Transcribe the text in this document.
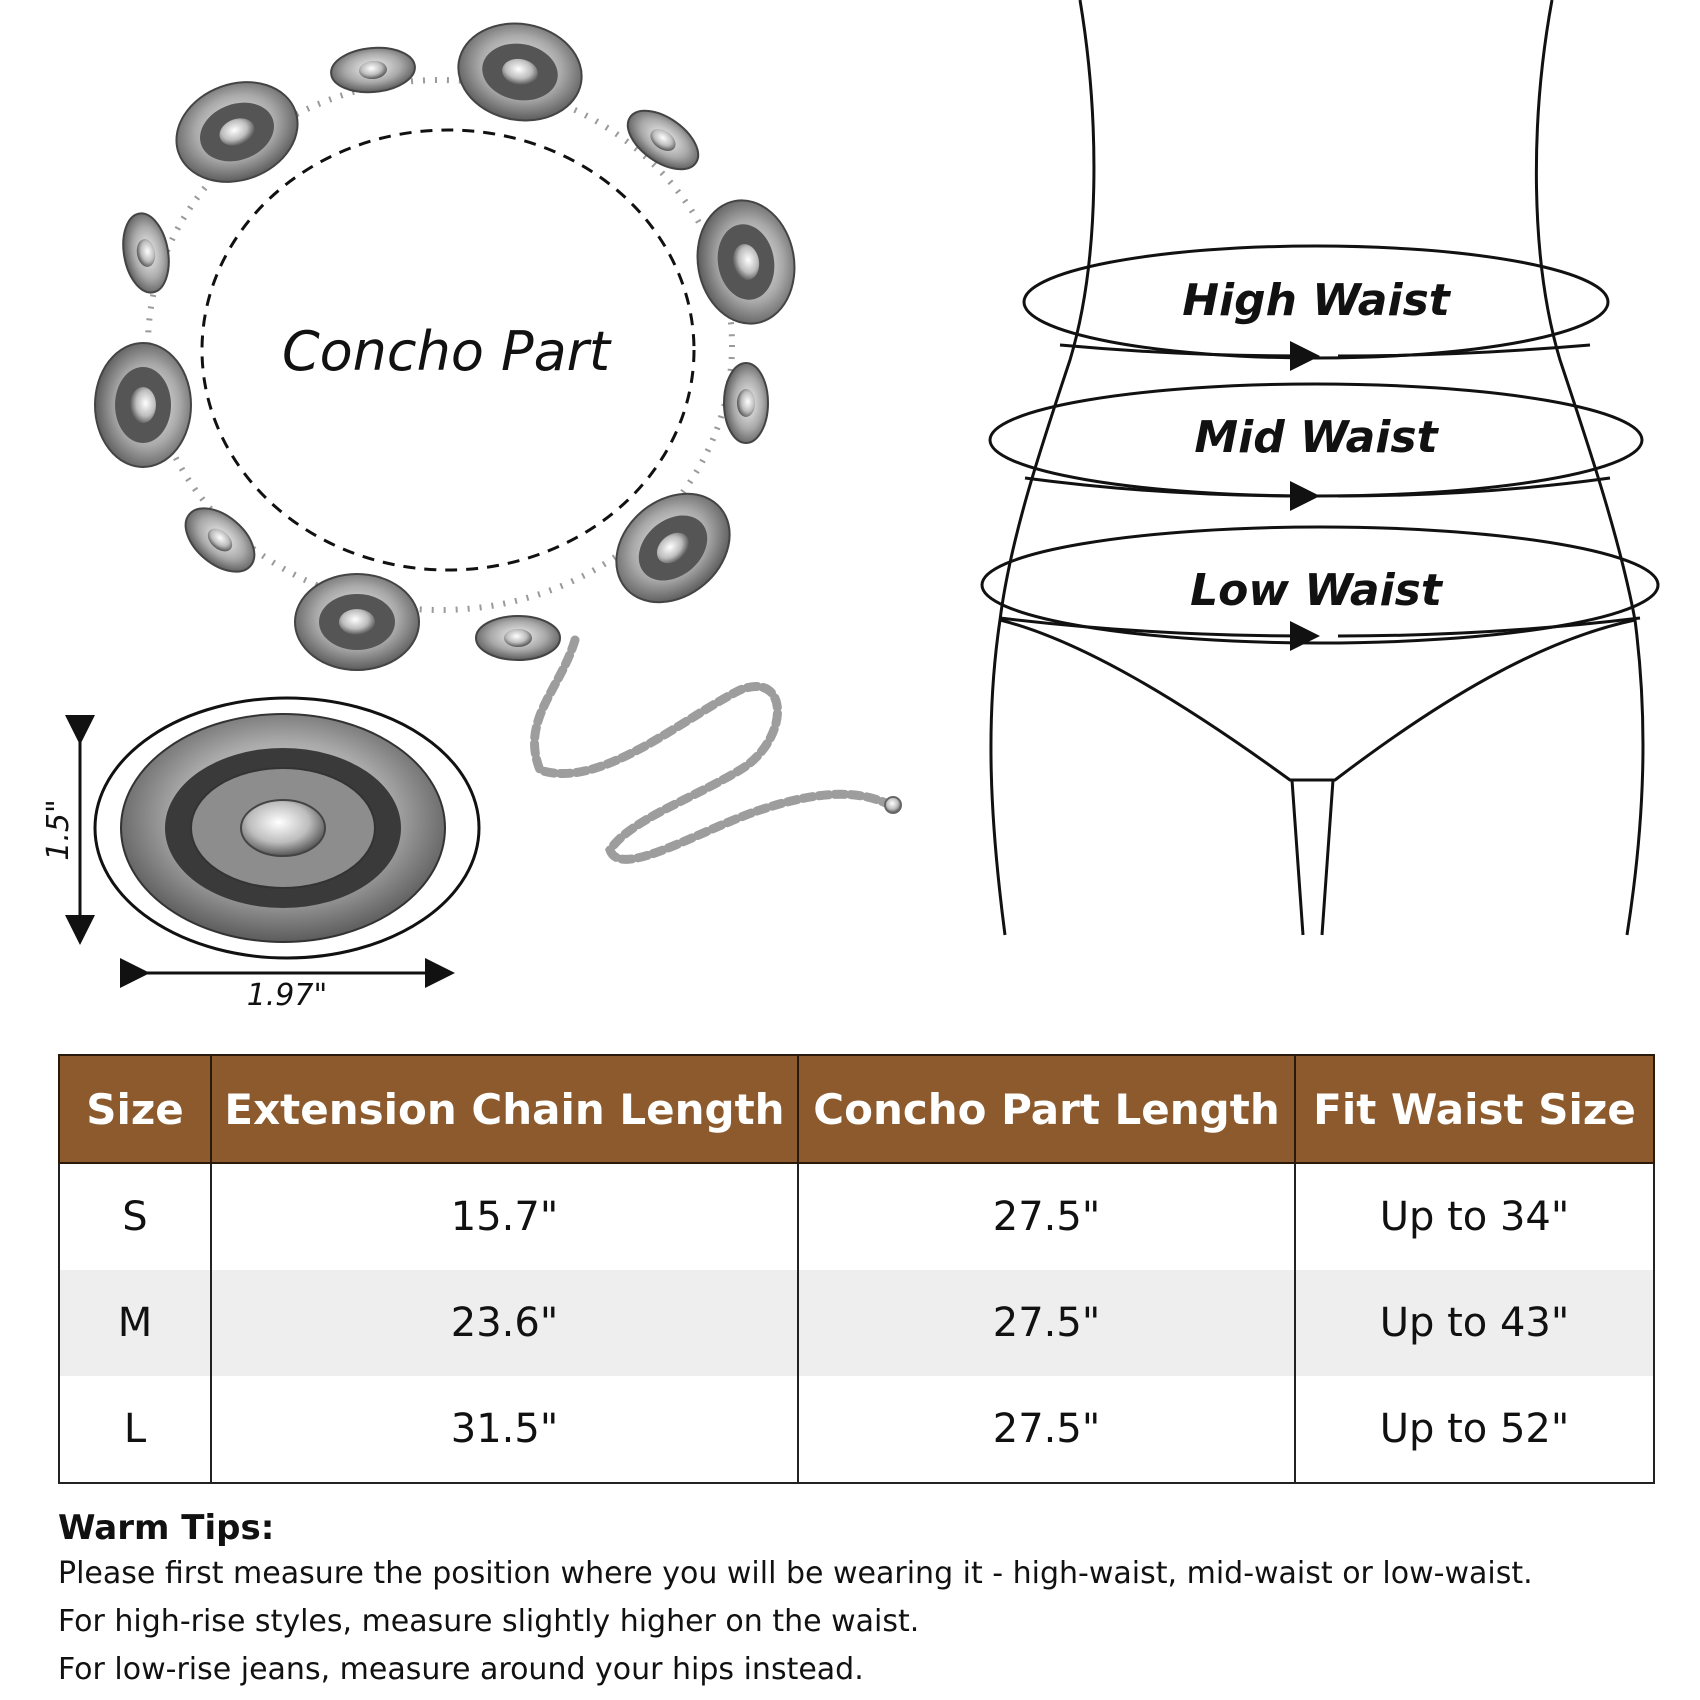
Concho Part
1.5"
1.97"
High Waist
Mid Waist
Low Waist
Size	Extension Chain Length	Concho Part Length	Fit Waist Size
S	15.7"	27.5"	Up to 34"
M	23.6"	27.5"	Up to 43"
L	31.5"	27.5"	Up to 52"

Warm Tips:

Please first measure the position where you will be wearing it - high-waist, mid-waist or low-waist.

For high-rise styles, measure slightly higher on the waist.

For low-rise jeans, measure around your hips instead.
